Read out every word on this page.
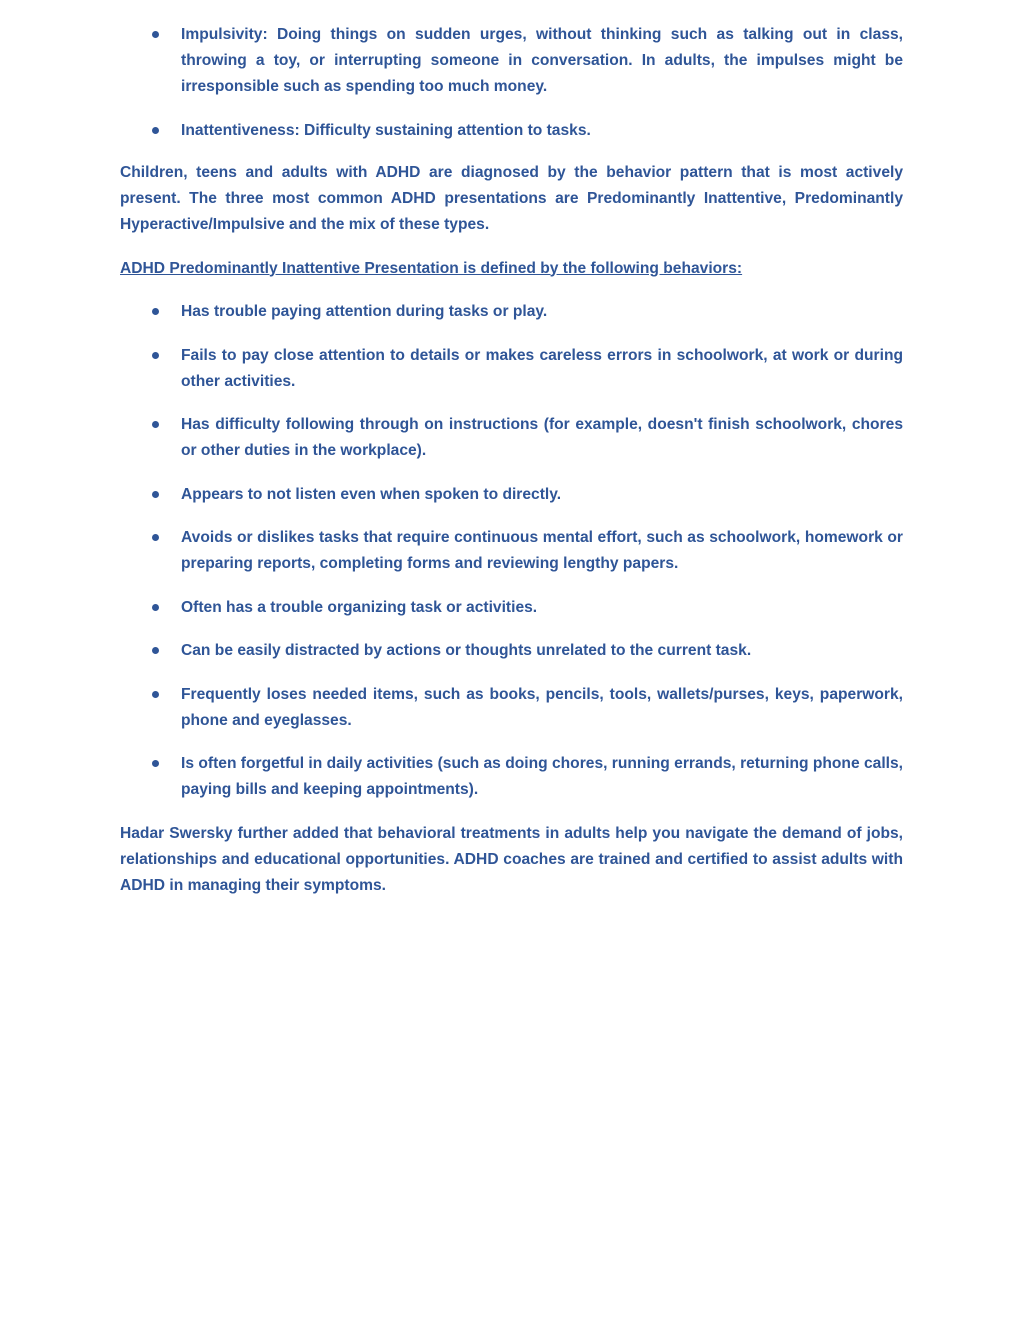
Impulsivity: Doing things on sudden urges, without thinking such as talking out in class, throwing a toy, or interrupting someone in conversation. In adults, the impulses might be irresponsible such as spending too much money.
Inattentiveness: Difficulty sustaining attention to tasks.

Children, teens and adults with ADHD are diagnosed by the behavior pattern that is most actively present. The three most common ADHD presentations are Predominantly Inattentive, Predominantly Hyperactive/Impulsive and the mix of these types.

ADHD Predominantly Inattentive Presentation is defined by the following behaviors:

Has trouble paying attention during tasks or play.
Fails to pay close attention to details or makes careless errors in schoolwork, at work or during other activities.
Has difficulty following through on instructions (for example, doesn't finish schoolwork, chores or other duties in the workplace).
Appears to not listen even when spoken to directly.
Avoids or dislikes tasks that require continuous mental effort, such as schoolwork, homework or preparing reports, completing forms and reviewing lengthy papers.
Often has a trouble organizing task or activities.
Can be easily distracted by actions or thoughts unrelated to the current task.
Frequently loses needed items, such as books, pencils, tools, wallets/purses, keys, paperwork, phone and eyeglasses.
Is often forgetful in daily activities (such as doing chores, running errands, returning phone calls, paying bills and keeping appointments).

Hadar Swersky further added that behavioral treatments in adults help you navigate the demand of jobs, relationships and educational opportunities. ADHD coaches are trained and certified to assist adults with ADHD in managing their symptoms.
